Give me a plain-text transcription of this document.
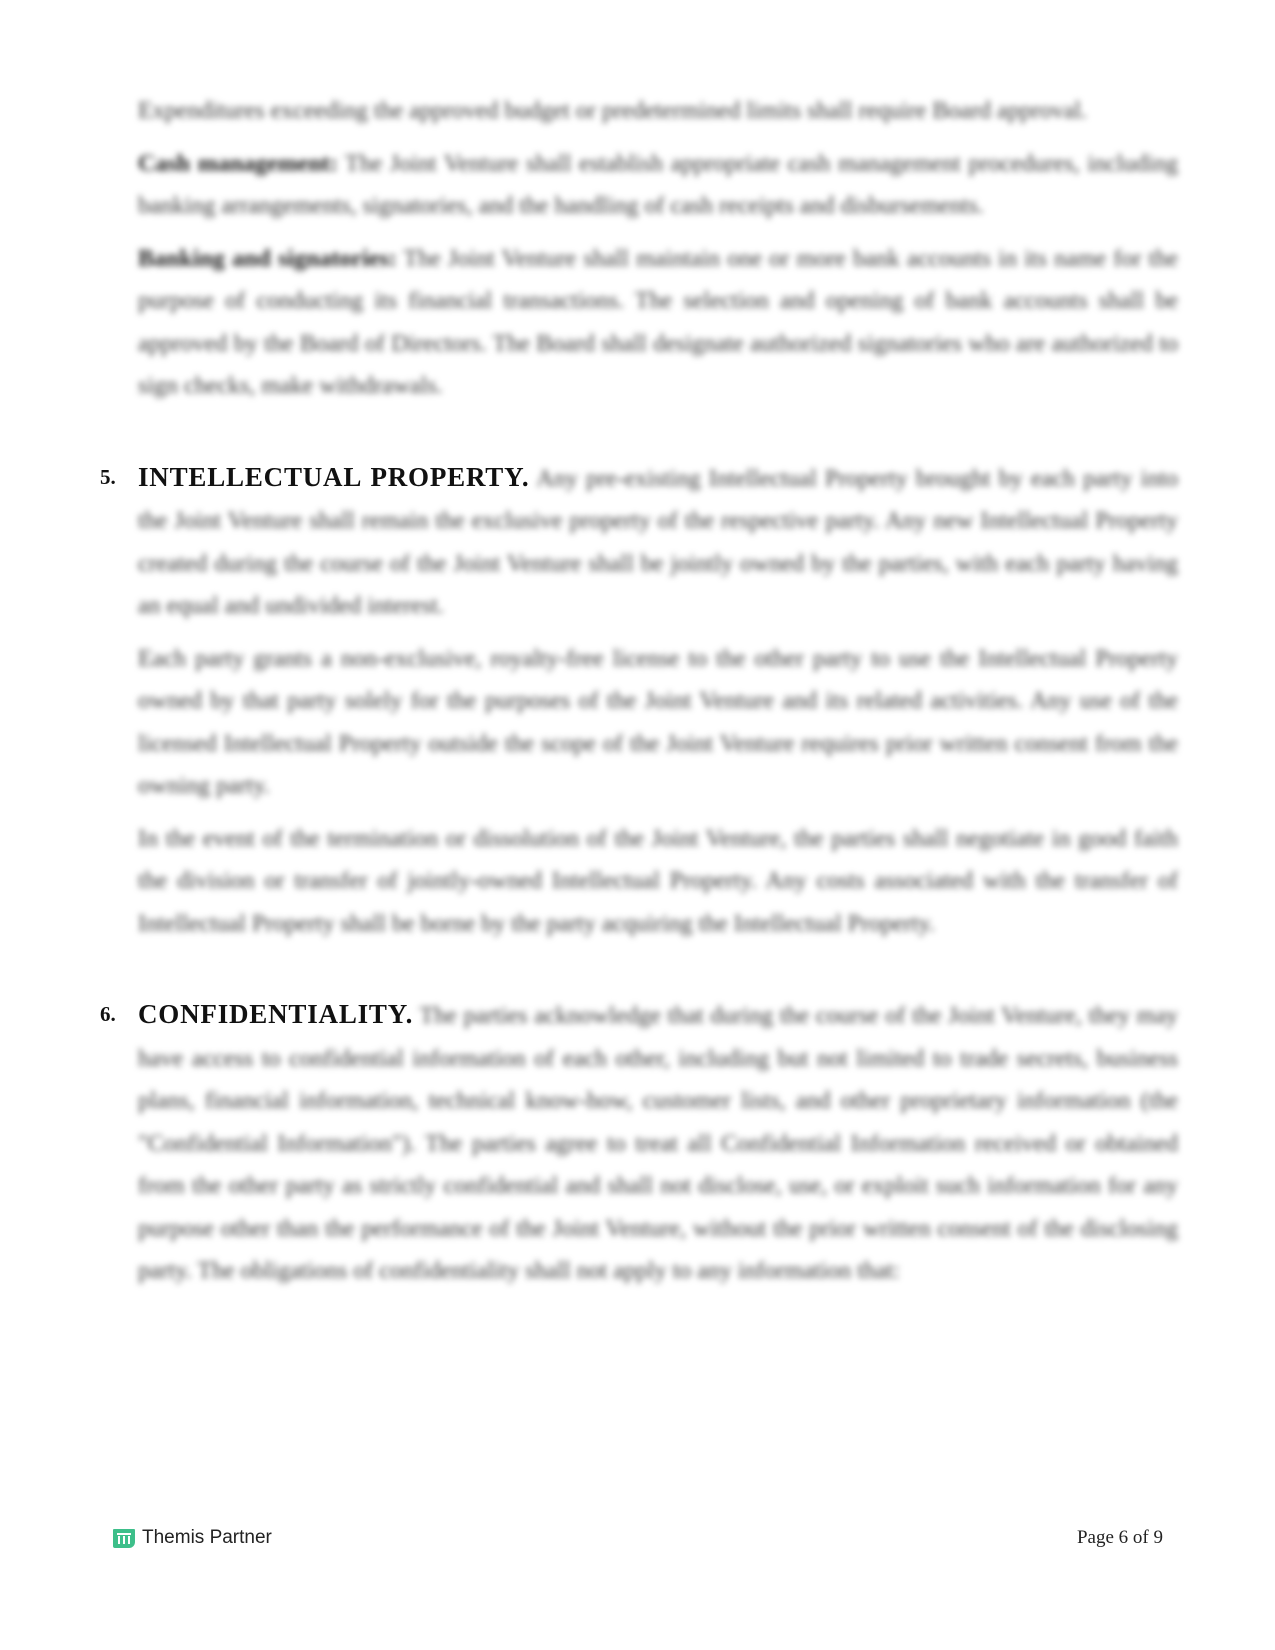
Expenditures exceeding the approved budget or predetermined limits shall require Board approval.

Cash management: The Joint Venture shall establish appropriate cash management procedures, including banking arrangements, signatories, and the handling of cash receipts and disbursements.

Banking and signatories: The Joint Venture shall maintain one or more bank accounts in its name for the purpose of conducting its financial transactions. The selection and opening of bank accounts shall be approved by the Board of Directors. The Board shall designate authorized signatories who are authorized to sign checks, make withdrawals.

5. INTELLECTUAL PROPERTY. Any pre-existing Intellectual Property brought by each party into the Joint Venture shall remain the exclusive property of the respective party. Any new Intellectual Property created during the course of the Joint Venture shall be jointly owned by the parties, with each party having an equal and undivided interest.

Each party grants a non-exclusive, royalty-free license to the other party to use the Intellectual Property owned by that party solely for the purposes of the Joint Venture and its related activities. Any use of the licensed Intellectual Property outside the scope of the Joint Venture requires prior written consent from the owning party.

In the event of the termination or dissolution of the Joint Venture, the parties shall negotiate in good faith the division or transfer of jointly-owned Intellectual Property. Any costs associated with the transfer of Intellectual Property shall be borne by the party acquiring the Intellectual Property.

6. CONFIDENTIALITY. The parties acknowledge that during the course of the Joint Venture, they may have access to confidential information of each other, including but not limited to trade secrets, business plans, financial information, technical know-how, customer lists, and other proprietary information (the "Confidential Information"). The parties agree to treat all Confidential Information received or obtained from the other party as strictly confidential and shall not disclose, use, or exploit such information for any purpose other than the performance of the Joint Venture, without the prior written consent of the disclosing party. The obligations of confidentiality shall not apply to any information that:

Themis Partner	Page 6 of 9
